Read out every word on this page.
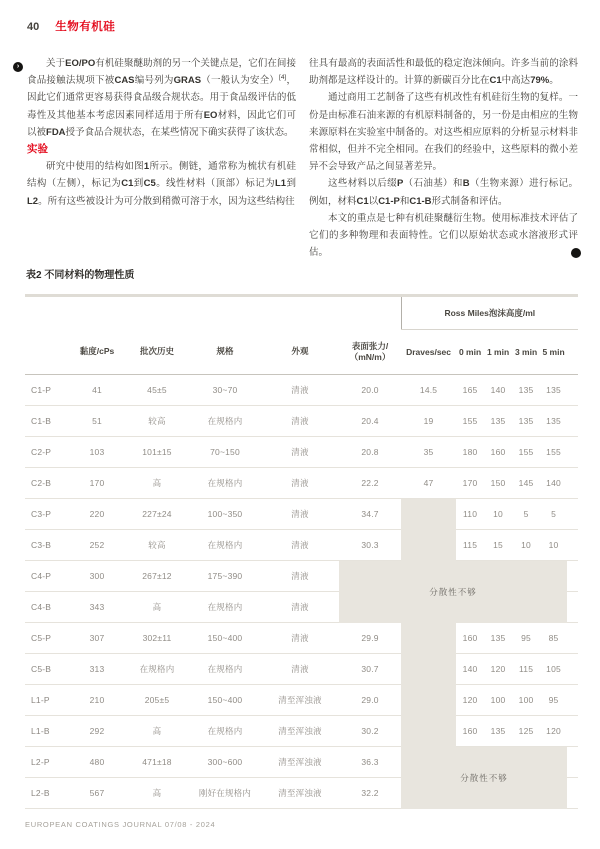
40 生物有机硅
›	关于EO/PO有机硅聚醚助剂的另一个关键点是，它们在间接食品接触法规项下被CAS编号列为GRAS（一般认为安全）[4]，因此它们通常更容易获得食品级合规状态。用于食品级评估的低毒性及其他基本考虑因素同样适用于所有EO材料，因此它们可以被FDA授予食品合规状态，在某些情况下确实获得了该状态。

实验

研究中使用的结构如图1所示。侧链，通常称为梳状有机硅结构（左侧），标记为C1到C5。线性材料（顶部）标记为L1到L2。所有这些被设计为可分散到稍微可溶于水，因为这些结构往

往具有最高的表面活性和最低的稳定泡沫倾向。许多当前的涂料助剂都是这样设计的。计算的新碳百分比在C1中高达79%。

通过商用工艺制备了这些有机改性有机硅衍生物的复样。一份是由标准石油来源的有机原料制备的，另一份是由相应的生物来源原料在实验室中制备的。对这些相应原料的分析显示材料非常相似，但并不完全相同。在我们的经验中，这些原料的微小差异不会导致产品之间显著差异。

这些材料以后缀P（石油基）和B（生物来源）进行标记。例如，材料C1以C1-P和C1-B形式制备和评估。

本文的重点是七种有机硅聚醚衍生物。使用标准技术评估了它们的多种物理和表面特性。它们以原始状态或水溶液形式评估。	›

表2 不同材料的物理性质

						Ross Miles泡沫高度/ml					
	黏度/cPs	批次历史	规格	外观	表面张力/
（mN/m）	Draves/sec	0 min	1 min	3 min	5 min	
C1-P	41	45±5	30~70	清液	20.0	14.5	165	140	135	135	
C1-B	51	较高	在规格内	清液	20.4	19	155	135	135	135	
C2-P	103	101±15	70~150	清液	20.8	35	180	160	155	155	
C2-B	170	高	在规格内	清液	22.2	47	170	150	145	140	
C3-P	220	227±24	100~350	清液	34.7		110	10	5	5	
C3-B	252	较高	在规格内	清液	30.3		115	15	10	10	
C4-P	300	267±12	175~390	清液	分散性不够						
C4-B	343	高	在规格内	清液							
C5-P	307	302±11	150~400	清液	29.9		160	135	95	85	
C5-B	313	在规格内	在规格内	清液	30.7		140	120	115	105	
L1-P	210	205±5	150~400	清至浑浊液	29.0		120	100	100	95	
L1-B	292	高	在规格内	清至浑浊液	30.2		160	135	125	120	
L2-P	480	471±18	300~600	清至浑浊液	36.3	分散性不够					
L2-B	567	高	刚好在规格内	清至浑浊液	32.2						
EUROPEAN COATINGS JOURNAL 07/08 - 2024
